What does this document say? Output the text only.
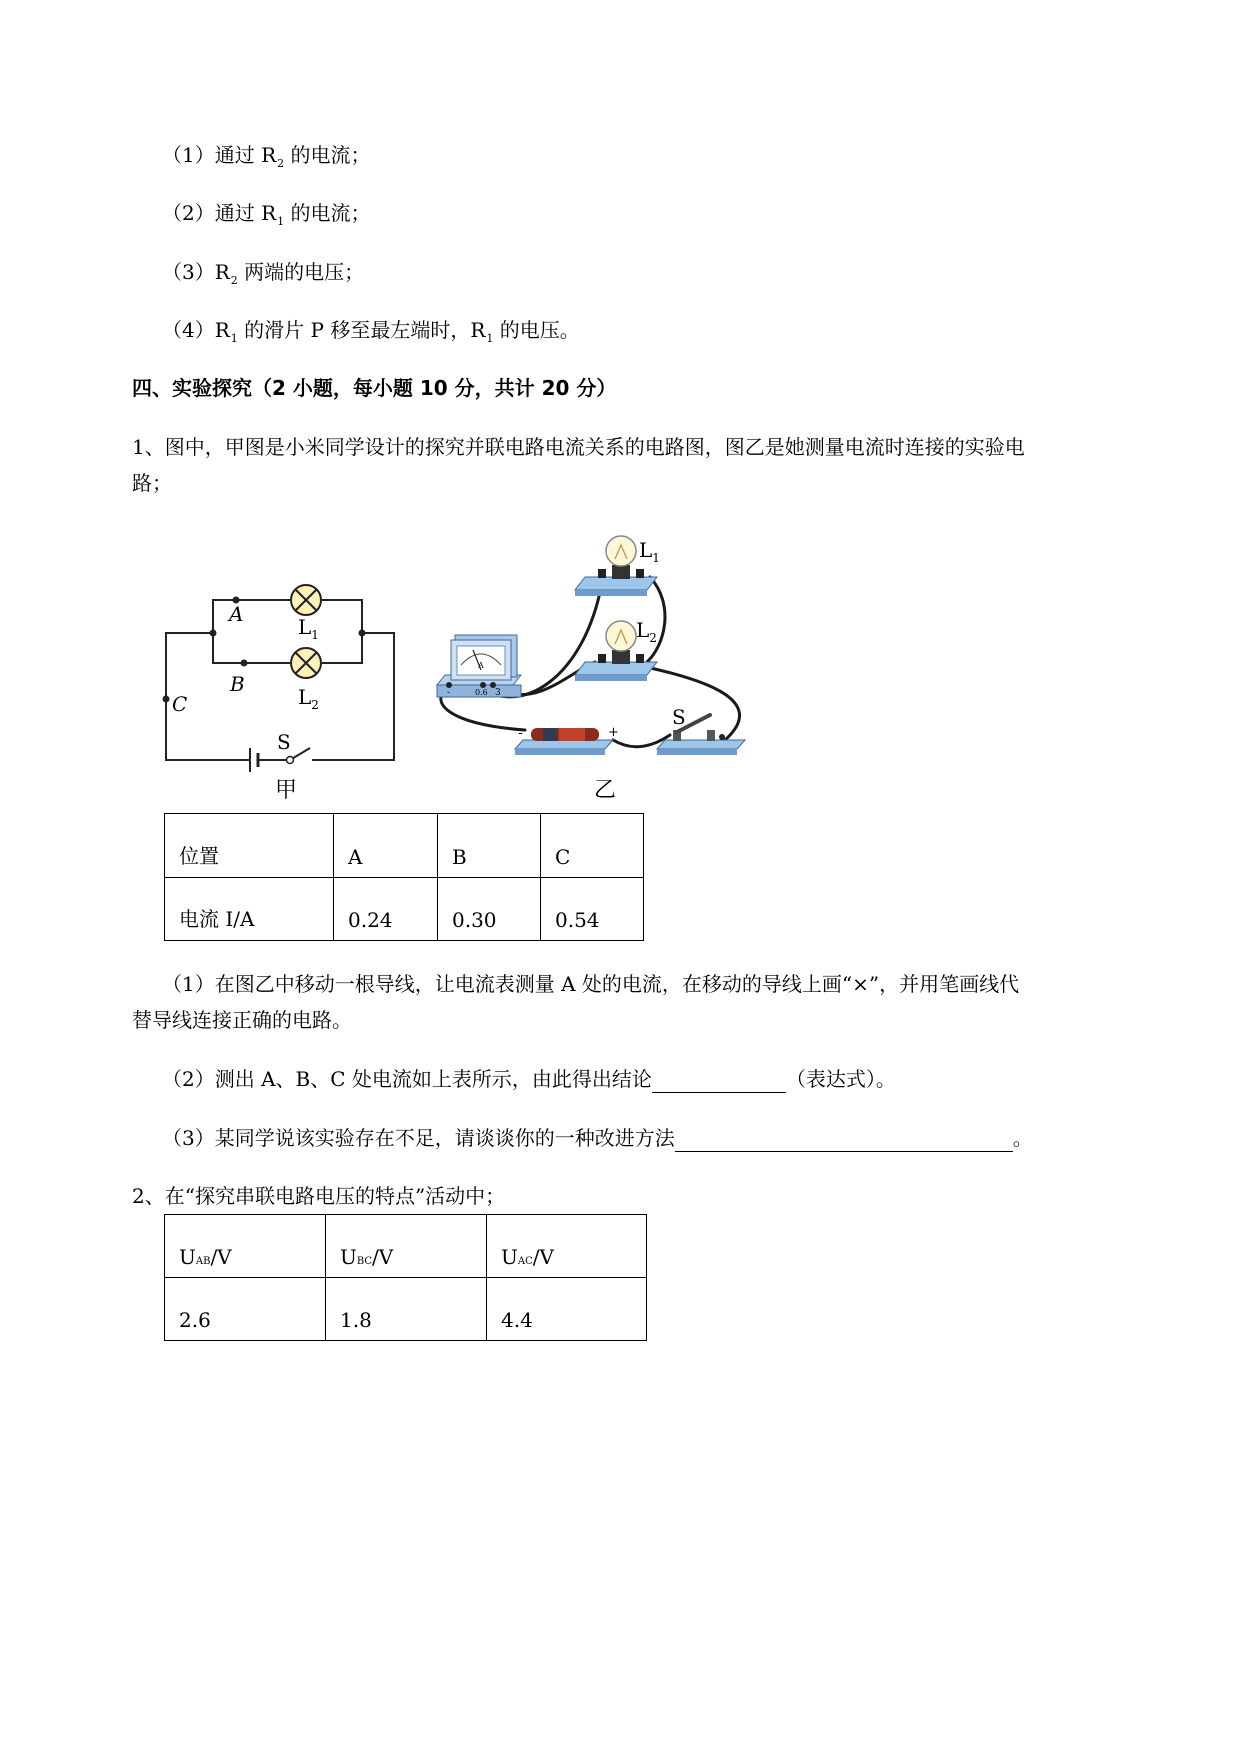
（1）通过 $R_2$ 的电流；
（2）通过 $R_1$ 的电流；
$(3)R_2$ 两端的电压；
$(4)R_1$ 的滑片 P 移至最左端时，$R_1$ 的电压。
四、实验探究（2 小题，每小题 10 分，共计 20 分）
1、图中，甲图是小米同学设计的探究并联电路电流关系的电路图，图乙是她测量电流时连接的实验电
路；
A
B
C
S
$L_1$
$L_2$
甲
A
-	0.6 3
-	+
S
$L_1$
$L_2$
乙
位置	A	B	C
电流 I/A	0.24	0.30	0.54
（1）在图乙中移动一根导线，让电流表测量 A 处的电流，在移动的导线上画“×”，并用笔画线代
替导线连接正确的电路。
（2）测出 A、B、C 处电流如上表所示，由此得出结论	（表达式）。
（3）某同学说该实验存在不足，请谈谈你的一种改进方法	。
2、在“探究串联电路电压的特点”活动中；
UAB/V	UBC/V	UAC/V
2.6	1.8	4.4
